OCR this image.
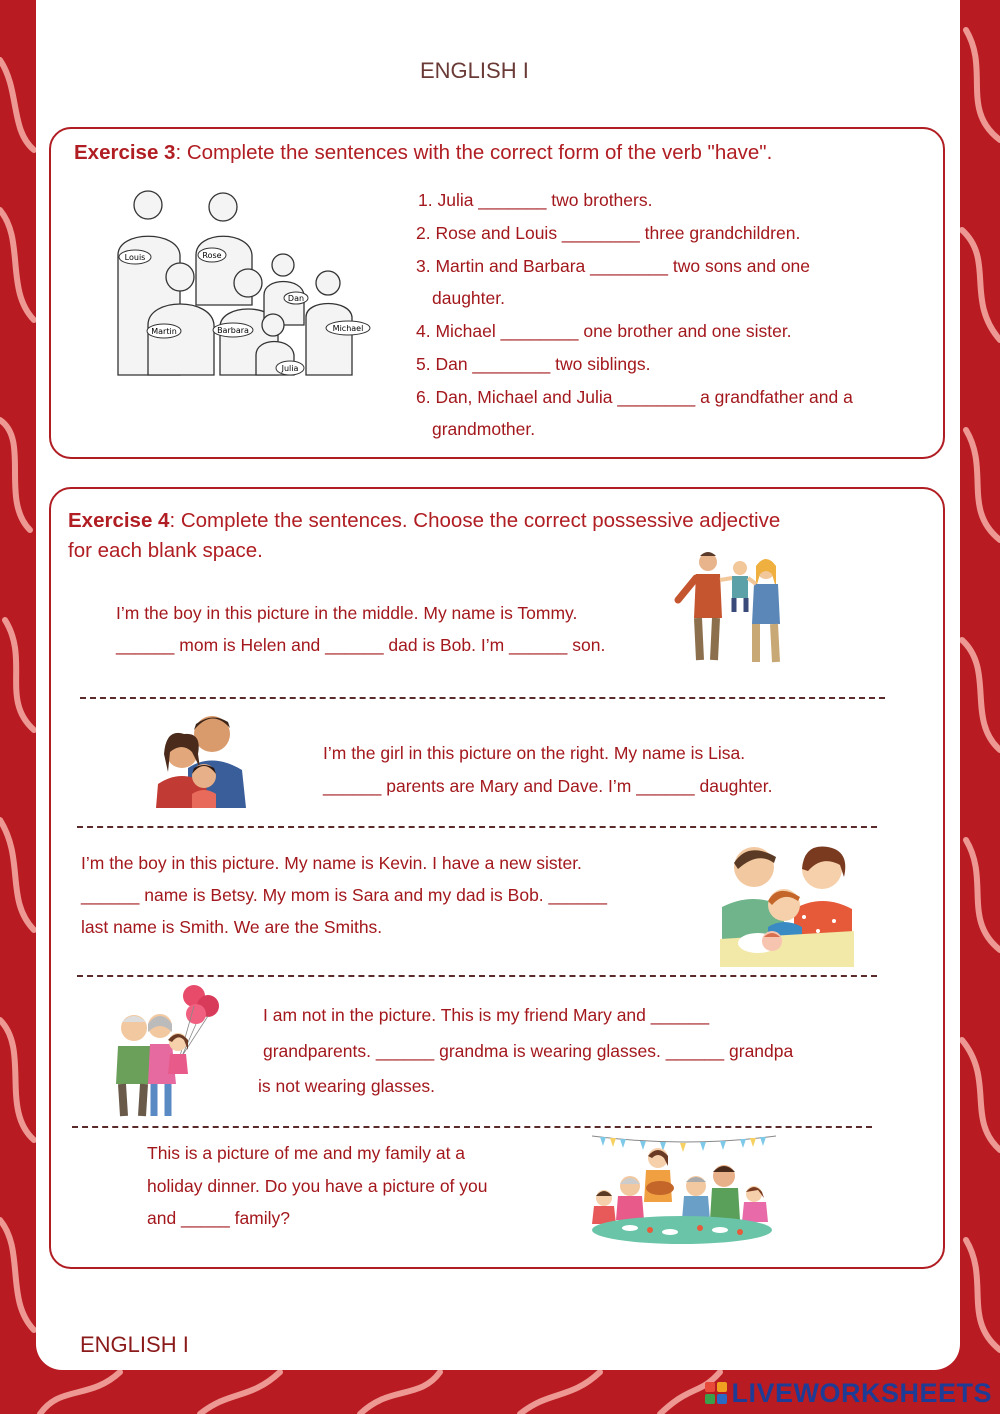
ENGLISH I
Exercise 3: Complete the sentences with the correct form of the verb "have".
Louis	Rose
Dan
Martin	Barbara	Michael
Julia
1. Julia _______ two brothers.
2. Rose and Louis ________ three grandchildren.
3. Martin and Barbara ________ two sons and one
daughter.
4. Michael ________ one brother and one sister.
5. Dan ________ two siblings.
6. Dan, Michael and Julia ________ a grandfather and a
grandmother.
Exercise 4: Complete the sentences. Choose the correct possessive adjective
for each blank space.
I’m the boy in this picture in the middle. My name is Tommy.
______ mom is Helen and ______ dad is Bob. I’m ______ son.
I’m the girl in this picture on the right. My name is Lisa.
______ parents are Mary and Dave. I’m ______ daughter.
I’m the boy in this picture. My name is Kevin. I have a new sister.
______ name is Betsy. My mom is Sara and my dad is Bob. ______
last name is Smith. We are the Smiths.
I am not in the picture. This is my friend Mary and ______
grandparents. ______ grandma is wearing glasses. ______ grandpa
is not wearing glasses.
This is a picture of me and my family at a
holiday dinner. Do you have a picture of you
and _____ family?
ENGLISH I
LIVEWORKSHEETS
